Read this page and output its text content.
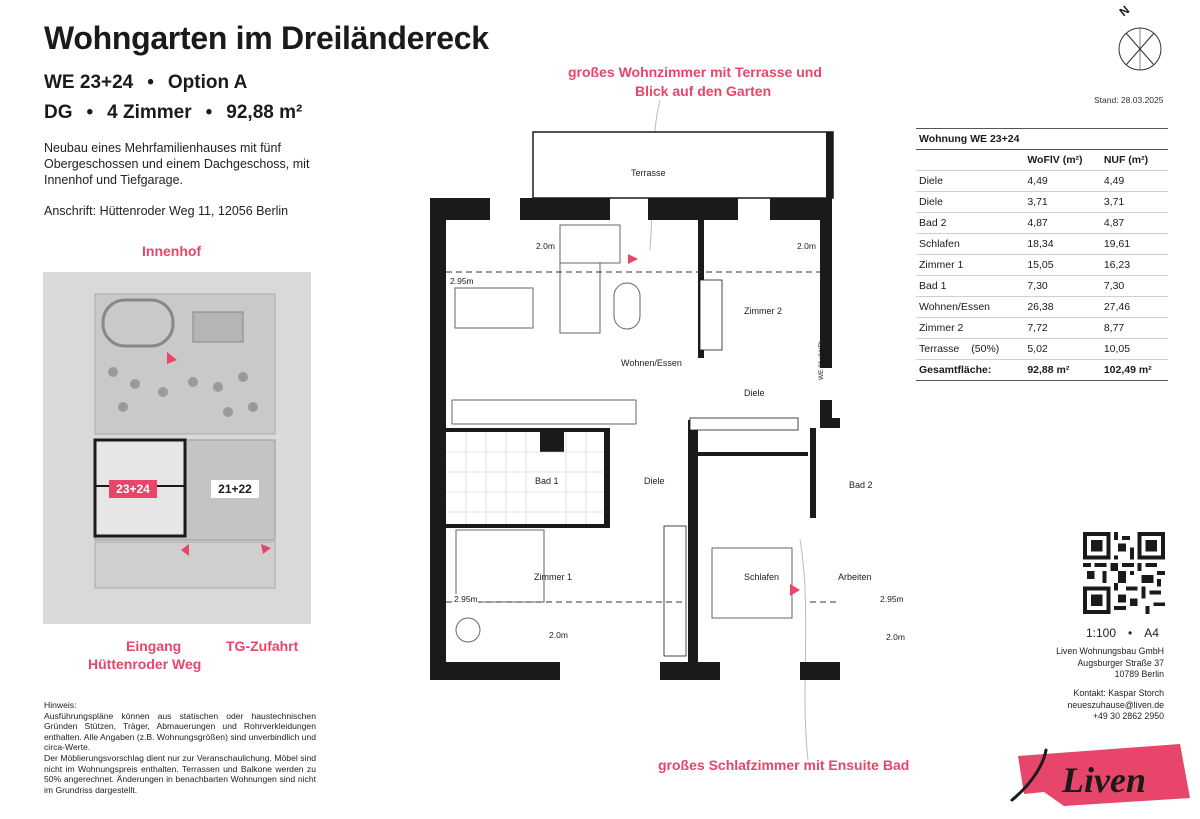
Wohngarten im Dreiländereck
WE 23+24 • Option A
DG • 4 Zimmer • 92,88 m²
Neubau eines Mehrfamilienhauses mit fünf Obergeschossen und einem Dachgeschoss, mit Innenhof und Tiefgarage.
Anschrift: Hüttenroder Weg 11, 12056 Berlin
Innenhof
23+24	21+22
Eingang
Hüttenroder Weg
TG-Zufahrt
Hinweis:
Ausführungspläne können aus statischen oder haustechnischen Gründen Stützen, Träger, Abmauerungen und Rohrverkleidungen enthalten. Alle Angaben (z.B. Wohnungsgrößen) sind unverbindlich und circa-Werte.
Der Möblierungsvorschlag dient nur zur Veranschaulichung. Möbel sind nicht im Wohnungspreis enthalten. Terrassen und Balkone werden zu 50% angerechnet. Änderungen in benachbarten Wohnungen sind nicht im Grundriss dargestellt.
großes Wohnzimmer mit Terrasse und
Blick auf den Garten
großes Schlafzimmer mit Ensuite Bad
Terrasse
Zimmer 2
Wohnen/Essen
Diele
Diele
Bad 1	Bad 2
Zimmer 1	Schlafen	Arbeiten
2.0m	2.0m
2.95m
2.95m
2.0m
2.95m
2.0m
WE 21+24(P)
N
Stand: 28.03.2025
Wohnung WE 23+24		
	WoFlV (m²)	NUF (m²)
Diele	4,49	4,49
Diele	3,71	3,71
Bad 2	4,87	4,87
Schlafen	18,34	19,61
Zimmer 1	15,05	16,23
Bad 1	7,30	7,30
Wohnen/Essen	26,38	27,46
Zimmer 2	7,72	8,77
Terrasse (50%)	5,02	10,05
Gesamtfläche:	92,88 m²	102,49 m²
1:100 • A4
Liven Wohnungsbau GmbH
Augsburger Straße 37
10789 Berlin
Kontakt: Kaspar Storch
neueszuhause@liven.de
+49 30 2862 2950
Liven
